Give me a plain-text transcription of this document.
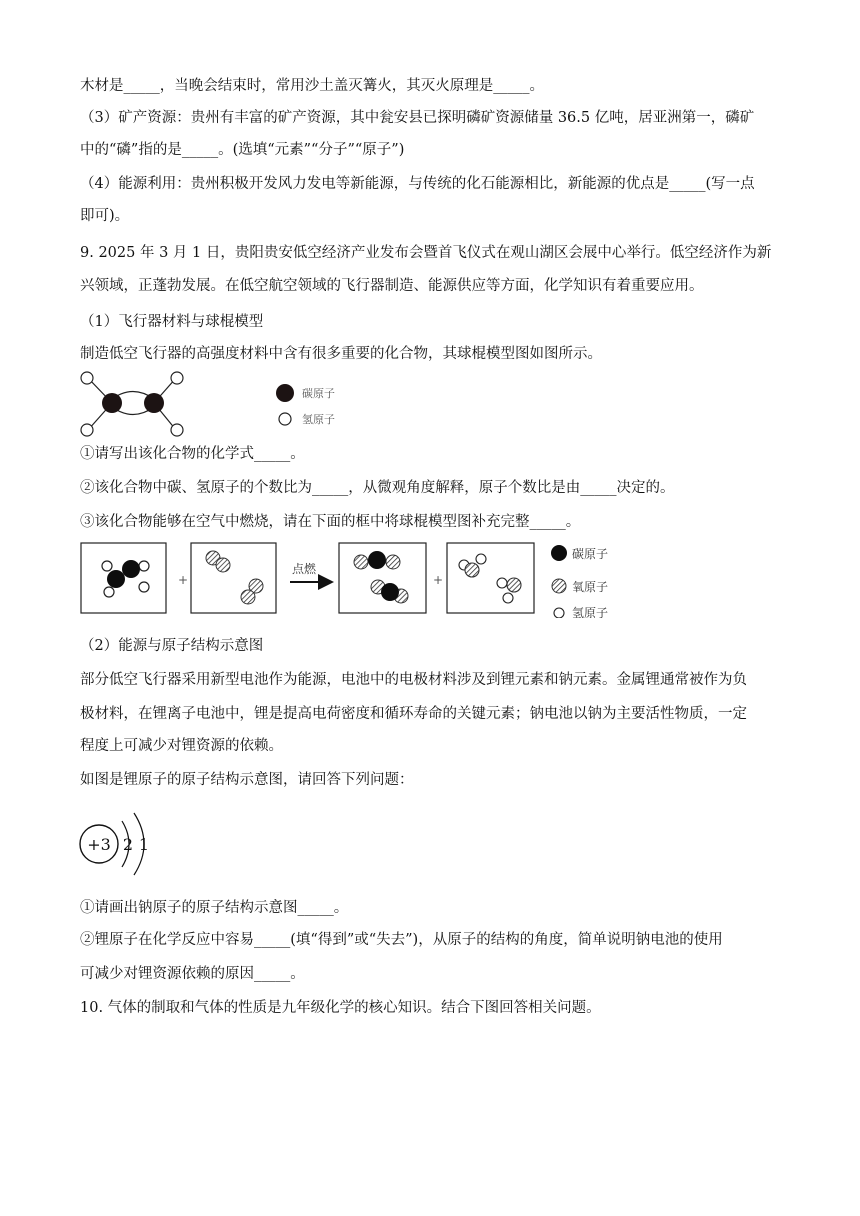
木材是_____，当晚会结束时，常用沙土盖灭篝火，其灭火原理是_____。
（3）矿产资源：贵州有丰富的矿产资源，其中瓮安县已探明磷矿资源储量 36.5 亿吨，居亚洲第一，磷矿
中的“磷”指的是_____。(选填“元素”“分子”“原子”)
（4）能源利用：贵州积极开发风力发电等新能源，与传统的化石能源相比，新能源的优点是_____(写一点
即可)。
9. 2025 年 3 月 1 日，贵阳贵安低空经济产业发布会暨首飞仪式在观山湖区会展中心举行。低空经济作为新
兴领域，正蓬勃发展。在低空航空领域的飞行器制造、能源供应等方面，化学知识有着重要应用。
（1）飞行器材料与球棍模型
制造低空飞行器的高强度材料中含有很多重要的化合物，其球棍模型图如图所示。
碳原子
氢原子
①请写出该化合物的化学式_____。
②该化合物中碳、氢原子的个数比为_____，从微观角度解释，原子个数比是由_____决定的。
③该化合物能够在空气中燃烧，请在下面的框中将球棍模型图补充完整_____。
+
点燃
+
碳原子
氧原子
氢原子
（2）能源与原子结构示意图
部分低空飞行器采用新型电池作为能源，电池中的电极材料涉及到锂元素和钠元素。金属锂通常被作为负
极材料，在锂离子电池中，锂是提高电荷密度和循环寿命的关键元素；钠电池以钠为主要活性物质，一定
程度上可减少对锂资源的依赖。
如图是锂原子的原子结构示意图，请回答下列问题：
+3 2 1
①请画出钠原子的原子结构示意图_____。
②锂原子在化学反应中容易_____(填“得到”或“失去”)，从原子的结构的角度，简单说明钠电池的使用
可减少对锂资源依赖的原因_____。
10. 气体的制取和气体的性质是九年级化学的核心知识。结合下图回答相关问题。
